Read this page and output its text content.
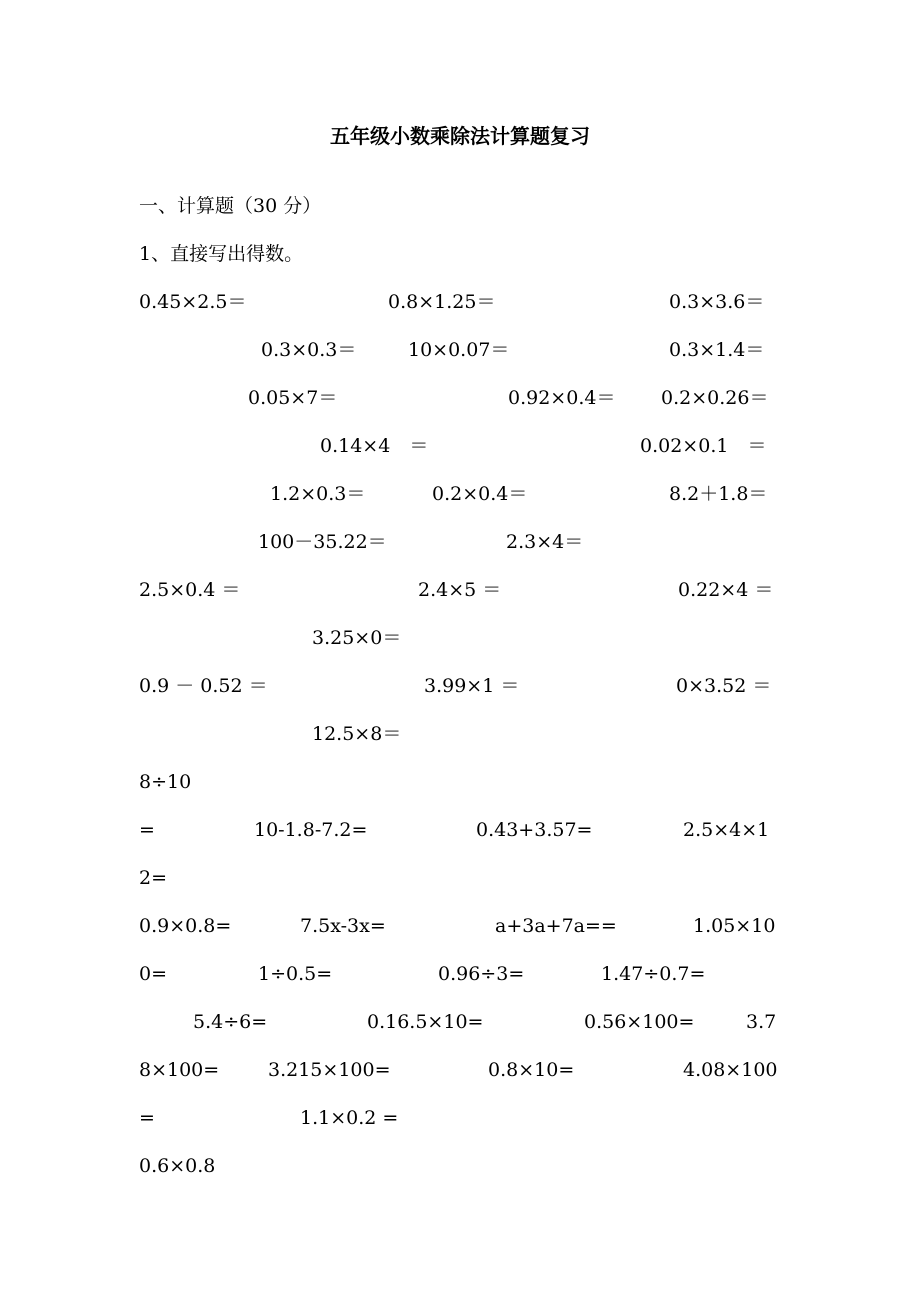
五年级小数乘除法计算题复习
一、计算题（30 分）
1、直接写出得数。
0.45×2.5＝	0.8×1.25＝	0.3×3.6＝
0.3×0.3＝	10×0.07＝	0.3×1.4＝
0.05×7＝	0.92×0.4＝ 0.2×0.26＝
0.14×4　＝	0.02×0.1　＝
1.2×0.3＝	0.2×0.4＝	8.2＋1.8＝
100－35.22＝	2.3×4＝
2.5×0.4 ＝	2.4×5 ＝	0.22×4 ＝
3.25×0＝
0.9 － 0.52 ＝	3.99×1 ＝	0×3.52 ＝
12.5×8＝
8÷10
=	10-1.8-7.2=	0.43+3.57=	2.5×4×1
2=
0.9×0.8=	7.5x-3x=	a+3a+7a==	1.05×10
0=	1÷0.5=	0.96÷3=	1.47÷0.7=
5.4÷6=	0.16.5×10=	0.56×100=	3.7
8×100=	3.215×100=	0.8×10=	4.08×100
=	1.1×0.2 =
0.6×0.8
